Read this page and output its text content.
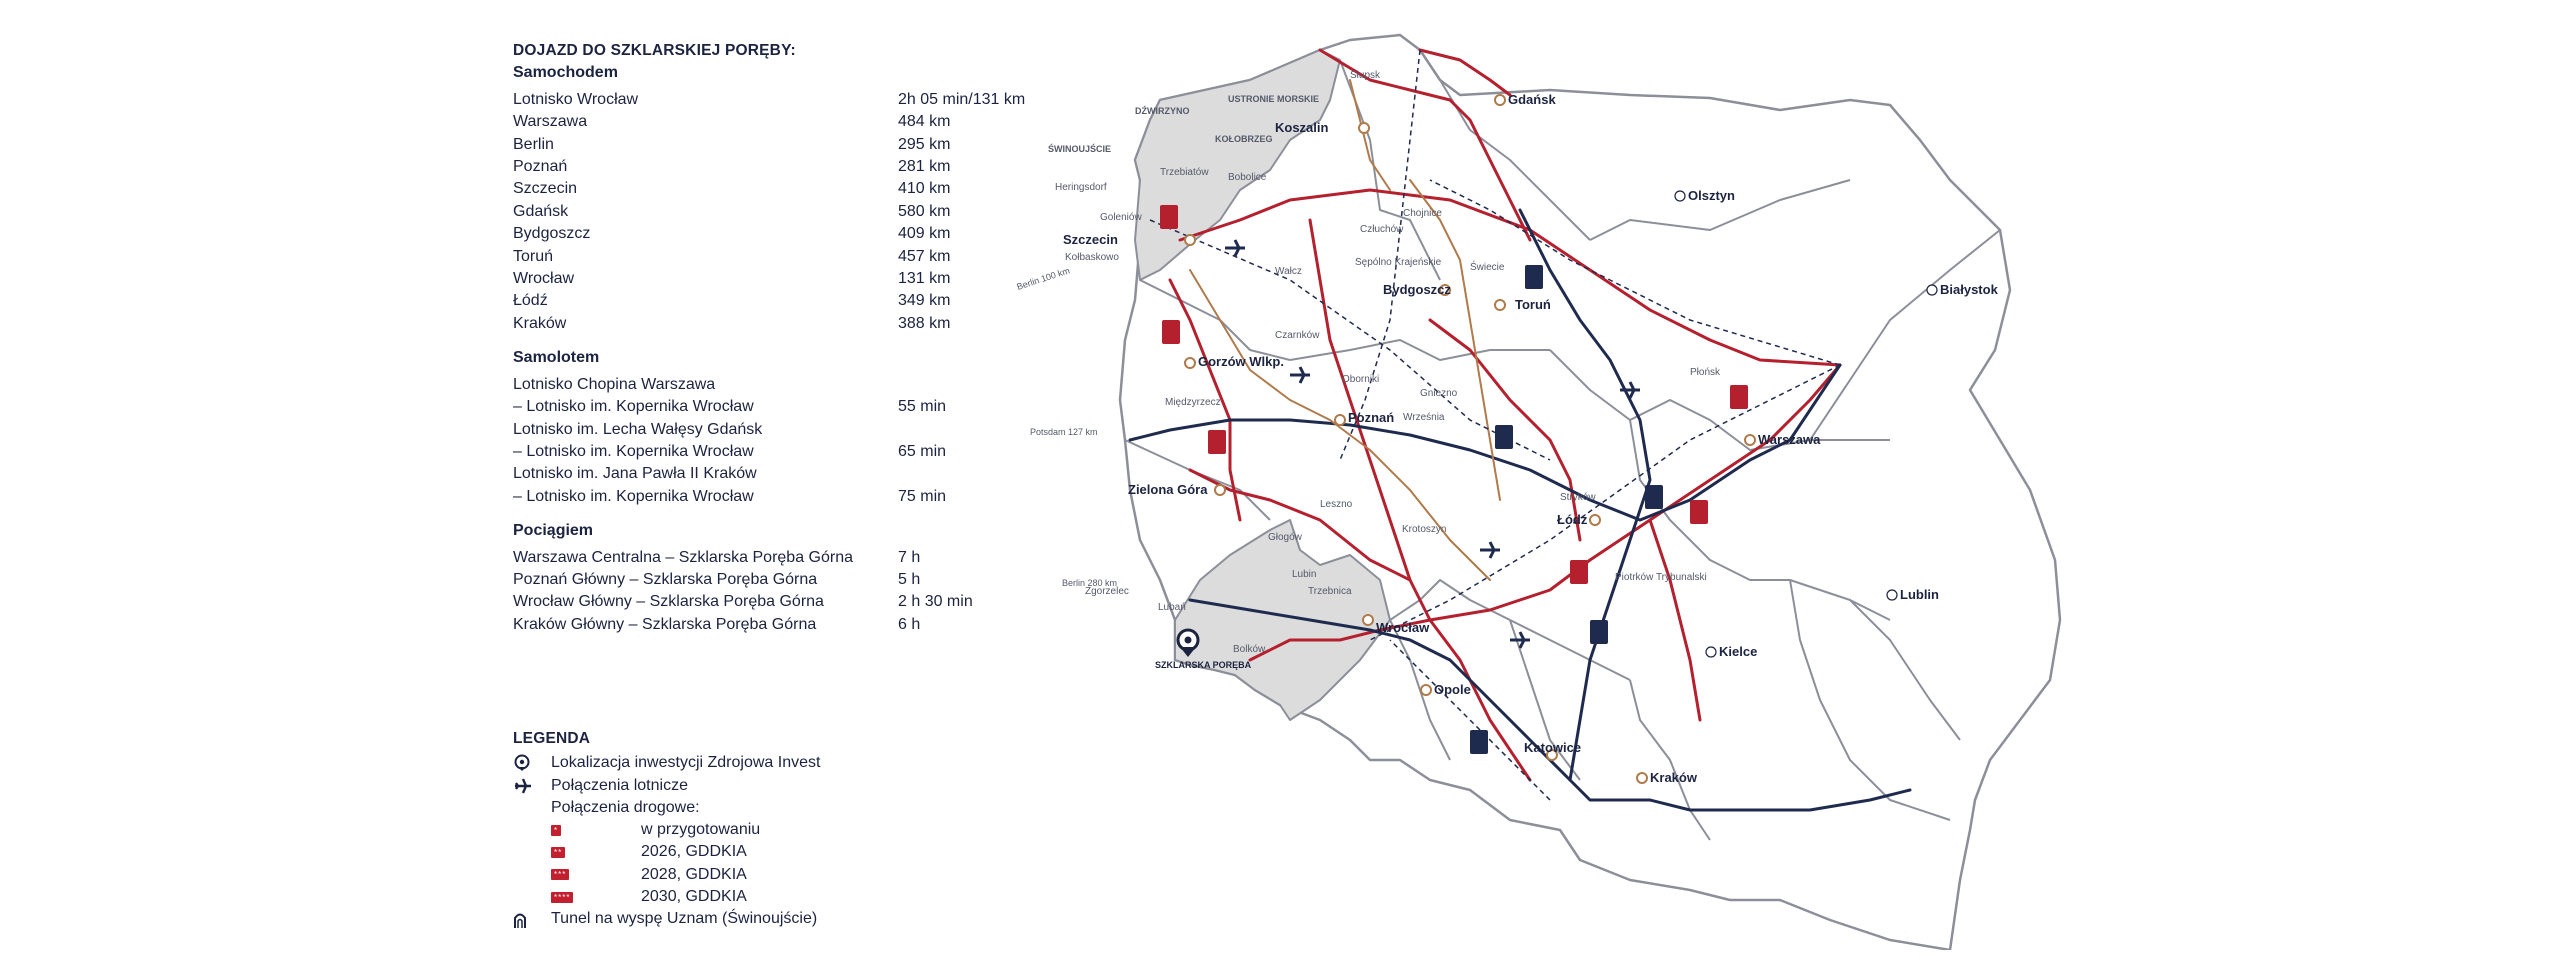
DOJAZD DO SZKLARSKIEJ PORĘBY:
Samochodem
Lotnisko Wrocław	2h 05 min/131 km
Warszawa	484 km
Berlin	295 km
Poznań	281 km
Szczecin	410 km
Gdańsk	580 km
Bydgoszcz	409 km
Toruń	457 km
Wrocław	131 km
Łódź	349 km
Kraków	388 km
Samolotem
Lotnisko Chopina Warszawa
– Lotnisko im. Kopernika Wrocław	55 min
Lotnisko im. Lecha Wałęsy Gdańsk
– Lotnisko im. Kopernika Wrocław	65 min
Lotnisko im. Jana Pawła II Kraków
– Lotnisko im. Kopernika Wrocław	75 min
Pociągiem
Warszawa Centralna – Szklarska Poręba Górna	7 h
Poznań Główny – Szklarska Poręba Górna	5 h
Wrocław Główny – Szklarska Poręba Górna	2 h 30 min
Kraków Główny – Szklarska Poręba Górna	6 h
LEGENDA
Lokalizacja inwestycji Zdrojowa Invest
Połączenia lotnicze
Połączenia drogowe:
*	w przygotowaniu
**	2026, GDDKIA
***	2028, GDDKIA
****	2030, GDDKIA
Tunel na wyspę Uznam (Świnoujście)
Gdańsk
Olsztyn
Białystok
Koszalin
Szczecin
Bydgoszcz
Toruń
Gorzów Wlkp.
Poznań
Warszawa
Zielona Góra
Łódź
Lublin
Wrocław
Kielce
Opole
Katowice
Kraków
SZKLARSKA PORĘBA
Słupsk
USTRONIE MORSKIE
DŹWIRZYNO
KOŁOBRZEG
ŚWINOUJŚCIE
Heringsdorf
Trzebiatów
Goleniów
Kołbaskowo
Chojnice
Sępólno Krajeńskie
Człuchów
Świecie
Wałcz
Czarnków
Oborniki
Gniezno
Września
Płońsk
Międzyrzecz
Stryków
Leszno
Krotoszyn
Głogów
Lubin
Trzebnica
Zgorzelec
Lubań
Bolków
Piotrków Trybunalski
Bobolice
Berlin 100 km
Potsdam 127 km
Berlin 280 km
